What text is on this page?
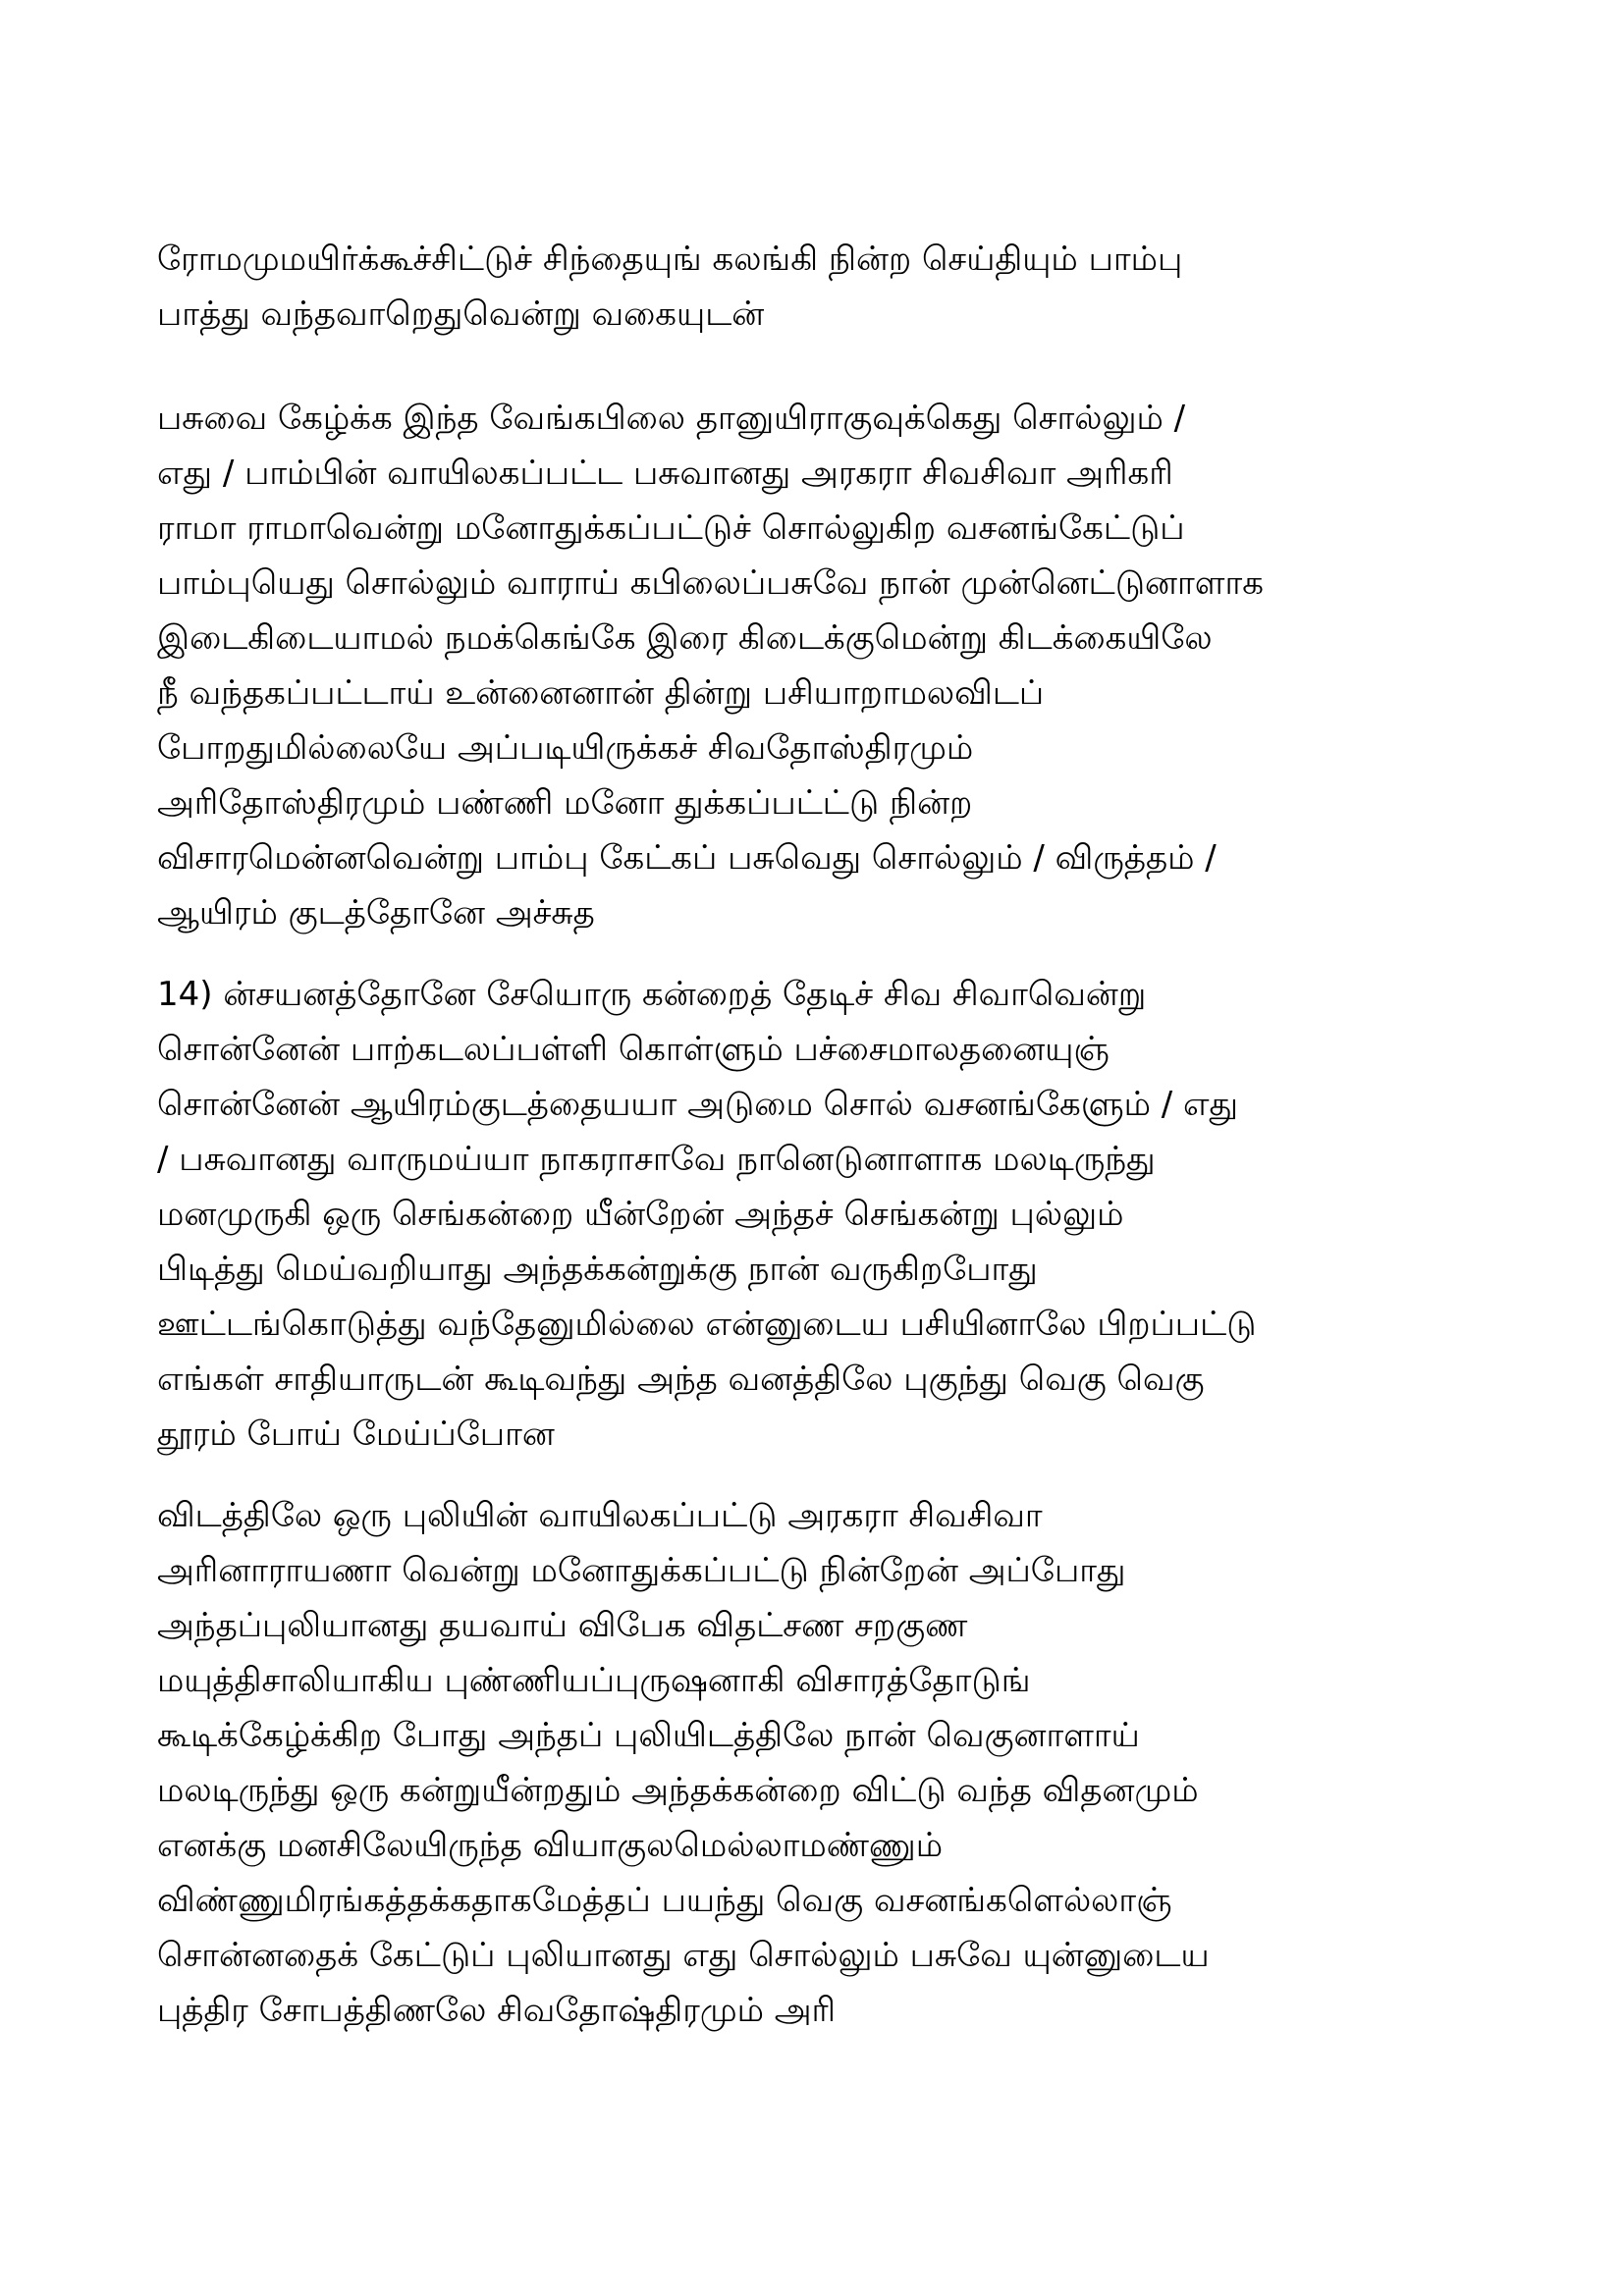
ரோமமுமயிர்க்கூச்சிட்டுச் சிந்தையுங் கலங்கி நின்ற செய்தியும் பாம்பு
பாத்து வந்தவாறெதுவென்று வகையுடன்
பசுவை கேழ்க்க இந்த வேங்கபிலை தானுயிராகுவுக்கெது சொல்லும் /
எது / பாம்பின் வாயிலகப்பட்ட பசுவானது அரகரா சிவசிவா அரிகரி
ராமா ராமாவென்று மனோதுக்கப்பட்டுச் சொல்லுகிற வசனங்கேட்டுப்
பாம்புயெது சொல்லும் வாராய் கபிலைப்பசுவே நான் முன்னெட்டுனாளாக
இடைகிடையாமல் நமக்கெங்கே இரை கிடைக்குமென்று கிடக்கையிலே
நீ வந்தகப்பட்டாய் உன்னைனான் தின்று பசியாறாமலவிடப்
போறதுமில்லையே அப்படியிருக்கச் சிவதோஸ்திரமும்
அரிதோஸ்திரமும் பண்ணி மனோ துக்கப்பட்ட்டு நின்ற
விசாரமென்னவென்று பாம்பு கேட்கப் பசுவெது சொல்லும் / விருத்தம் /
ஆயிரம் குடத்தோனே அச்சுத
14) ன்சயனத்தோனே சேயொரு கன்றைத் தேடிச் சிவ சிவாவென்று
சொன்னேன் பாற்கடலப்பள்ளி கொள்ளும் பச்சைமாலதனையுஞ்
சொன்னேன் ஆயிரம்குடத்தையயா அடுமை சொல் வசனங்கேளும் / எது
/ பசுவானது வாருமய்யா நாகராசாவே நானெடுனாளாக மலடிருந்து
மனமுருகி ஒரு செங்கன்றை யீன்றேன் அந்தச் செங்கன்று புல்லும்
பிடித்து மெய்வறியாது அந்தக்கன்றுக்கு நான் வருகிறபோது
ஊட்டங்கொடுத்து வந்தேனுமில்லை என்னுடைய பசியினாலே பிறப்பட்டு
எங்கள் சாதியாருடன் கூடிவந்து அந்த வனத்திலே புகுந்து வெகு வெகு
தூரம் போய் மேய்ப்போன
விடத்திலே ஒரு புலியின் வாயிலகப்பட்டு அரகரா சிவசிவா
அரினாராயணா வென்று மனோதுக்கப்பட்டு நின்றேன் அப்போது
அந்தப்புலியானது தயவாய் விபேக விதட்சண சறகுண
மயுத்திசாலியாகிய புண்ணியப்புருஷனாகி விசாரத்தோடுங்
கூடிக்கேழ்க்கிற போது அந்தப் புலியிடத்திலே நான் வெகுனாளாய்
மலடிருந்து ஒரு கன்றுயீன்றதும் அந்தக்கன்றை விட்டு வந்த விதனமும்
எனக்கு மனசிலேயிருந்த வியாகுலமெல்லாமண்ணும்
விண்ணுமிரங்கத்தக்கதாகமேத்தப் பயந்து வெகு வசனங்களெல்லாஞ்
சொன்னதைக் கேட்டுப் புலியானது எது சொல்லும் பசுவே யுன்னுடைய
புத்திர சோபத்திணலே சிவதோஷ்திரமும் அரி
